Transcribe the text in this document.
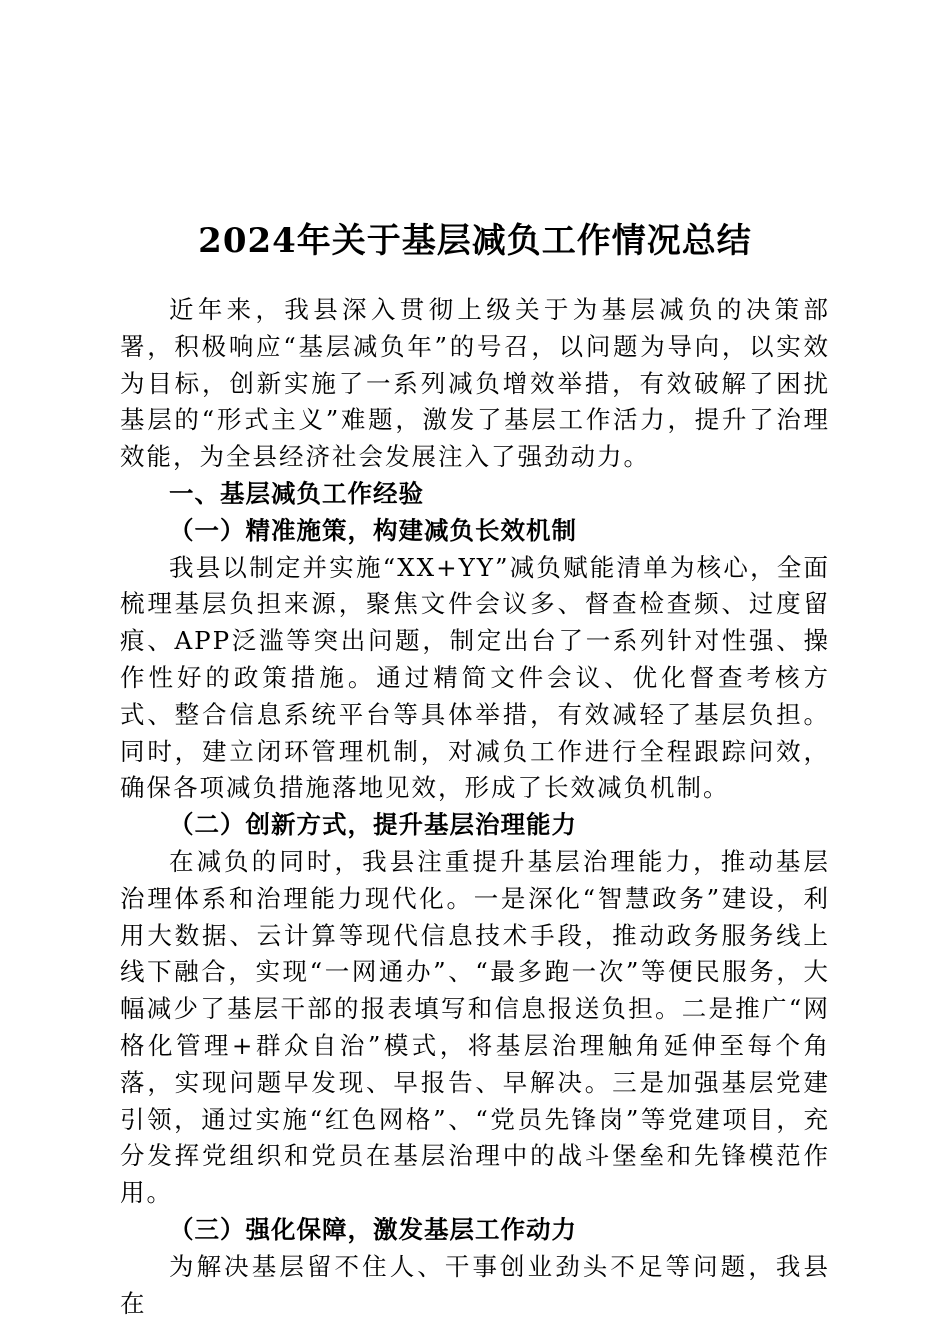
2024年关于基层减负工作情况总结

近年来，我县深入贯彻上级关于为基层减负的决策部署，积极响应“基层减负年”的号召，以问题为导向，以实效为目标，创新实施了一系列减负增效举措，有效破解了困扰基层的“形式主义”难题，激发了基层工作活力，提升了治理效能，为全县经济社会发展注入了强劲动力。

一、基层减负工作经验

（一）精准施策，构建减负长效机制

我县以制定并实施“XX+YY”减负赋能清单为核心，全面梳理基层负担来源，聚焦文件会议多、督查检查频、过度留痕、APP泛滥等突出问题，制定出台了一系列针对性强、操作性好的政策措施。通过精简文件会议、优化督查考核方式、整合信息系统平台等具体举措，有效减轻了基层负担。同时，建立闭环管理机制，对减负工作进行全程跟踪问效，确保各项减负措施落地见效，形成了长效减负机制。

（二）创新方式，提升基层治理能力

在减负的同时，我县注重提升基层治理能力，推动基层治理体系和治理能力现代化。一是深化“智慧政务”建设，利用大数据、云计算等现代信息技术手段，推动政务服务线上线下融合，实现“一网通办”、“最多跑一次”等便民服务，大幅减少了基层干部的报表填写和信息报送负担。二是推广“网格化管理+群众自治”模式，将基层治理触角延伸至每个角落，实现问题早发现、早报告、早解决。三是加强基层党建引领，通过实施“红色网格”、“党员先锋岗”等党建项目，充分发挥党组织和党员在基层治理中的战斗堡垒和先锋模范作用。

（三）强化保障，激发基层工作动力

为解决基层留不住人、干事创业劲头不足等问题，我县在
